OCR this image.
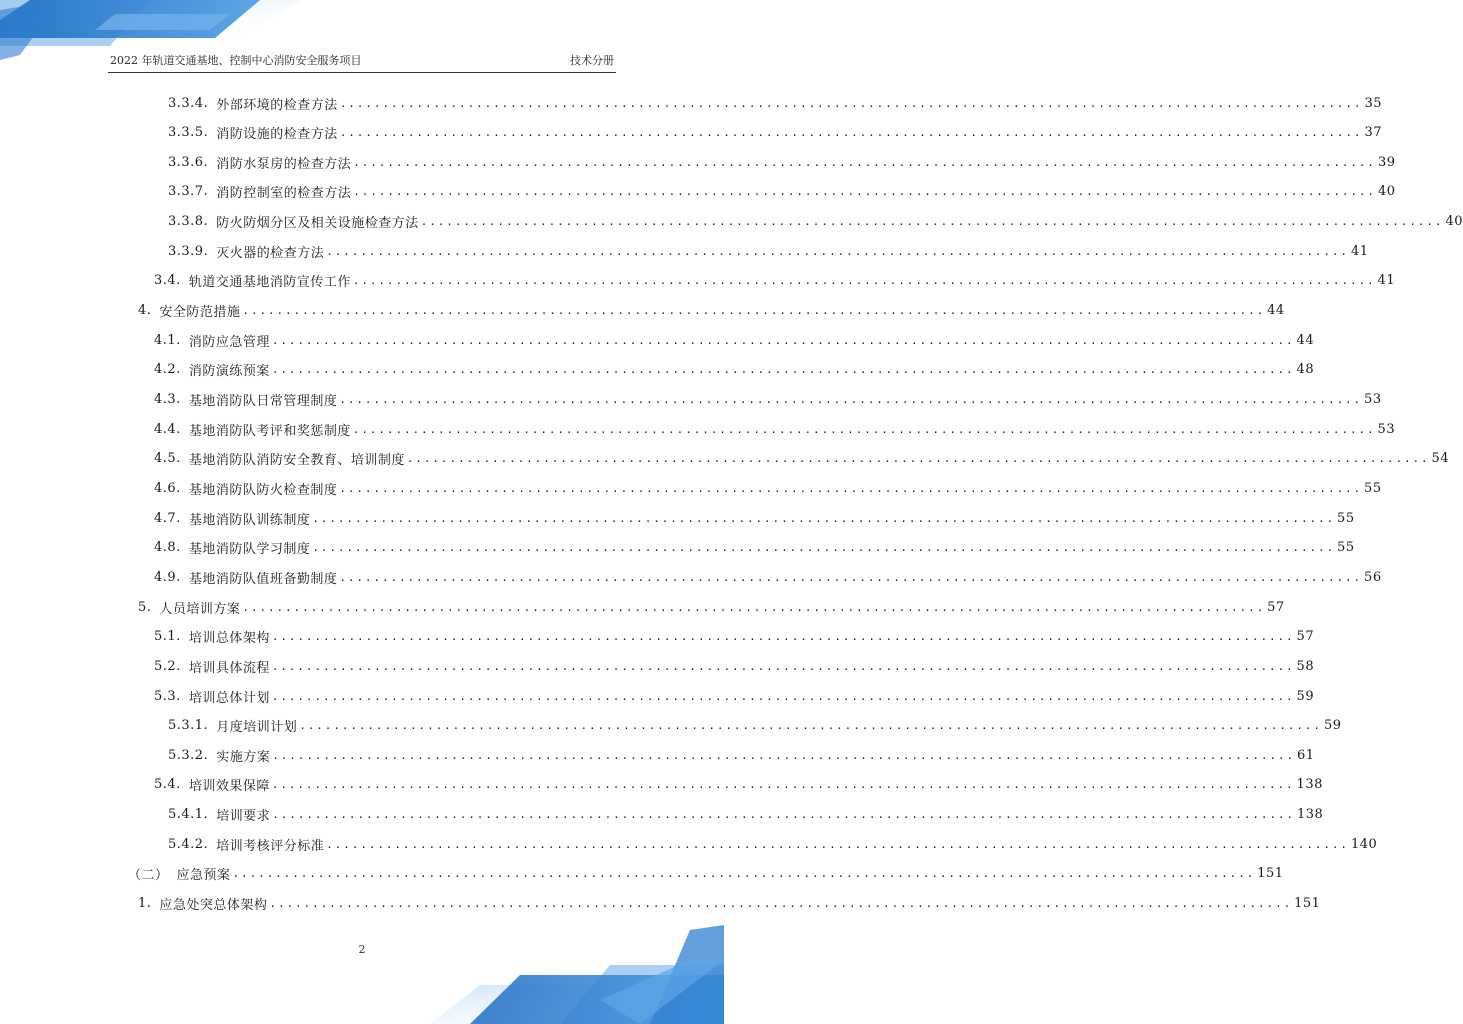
2022 年轨道交通基地、控制中心消防安全服务项目	技术分册
3.3.4. 外部环境的检查方法 ........................................................................................................................ 35
3.3.5. 消防设施的检查方法 ........................................................................................................................ 37
3.3.6. 消防水泵房的检查方法 ........................................................................................................................ 39
3.3.7. 消防控制室的检查方法 ........................................................................................................................ 40
3.3.8. 防火防烟分区及相关设施检查方法 ........................................................................................................................ 40
3.3.9. 灭火器的检查方法 ........................................................................................................................ 41
3.4. 轨道交通基地消防宣传工作 ........................................................................................................................ 41
4. 安全防范措施 ........................................................................................................................ 44
4.1. 消防应急管理 ........................................................................................................................ 44
4.2. 消防演练预案 ........................................................................................................................ 48
4.3. 基地消防队日常管理制度 ........................................................................................................................ 53
4.4. 基地消防队考评和奖惩制度 ........................................................................................................................ 53
4.5. 基地消防队消防安全教育、培训制度 ........................................................................................................................ 54
4.6. 基地消防队防火检查制度 ........................................................................................................................ 55
4.7. 基地消防队训练制度 ........................................................................................................................ 55
4.8. 基地消防队学习制度 ........................................................................................................................ 55
4.9. 基地消防队值班备勤制度 ........................................................................................................................ 56
5. 人员培训方案 ........................................................................................................................ 57
5.1. 培训总体架构 ........................................................................................................................ 57
5.2. 培训具体流程 ........................................................................................................................ 58
5.3. 培训总体计划 ........................................................................................................................ 59
5.3.1. 月度培训计划 ........................................................................................................................ 59
5.3.2. 实施方案 ........................................................................................................................ 61
5.4. 培训效果保障 ........................................................................................................................ 138
5.4.1. 培训要求 ........................................................................................................................ 138
5.4.2. 培训考核评分标准 ........................................................................................................................ 140
（二） 应急预案 ........................................................................................................................ 151
1. 应急处突总体架构 ........................................................................................................................ 151
2
